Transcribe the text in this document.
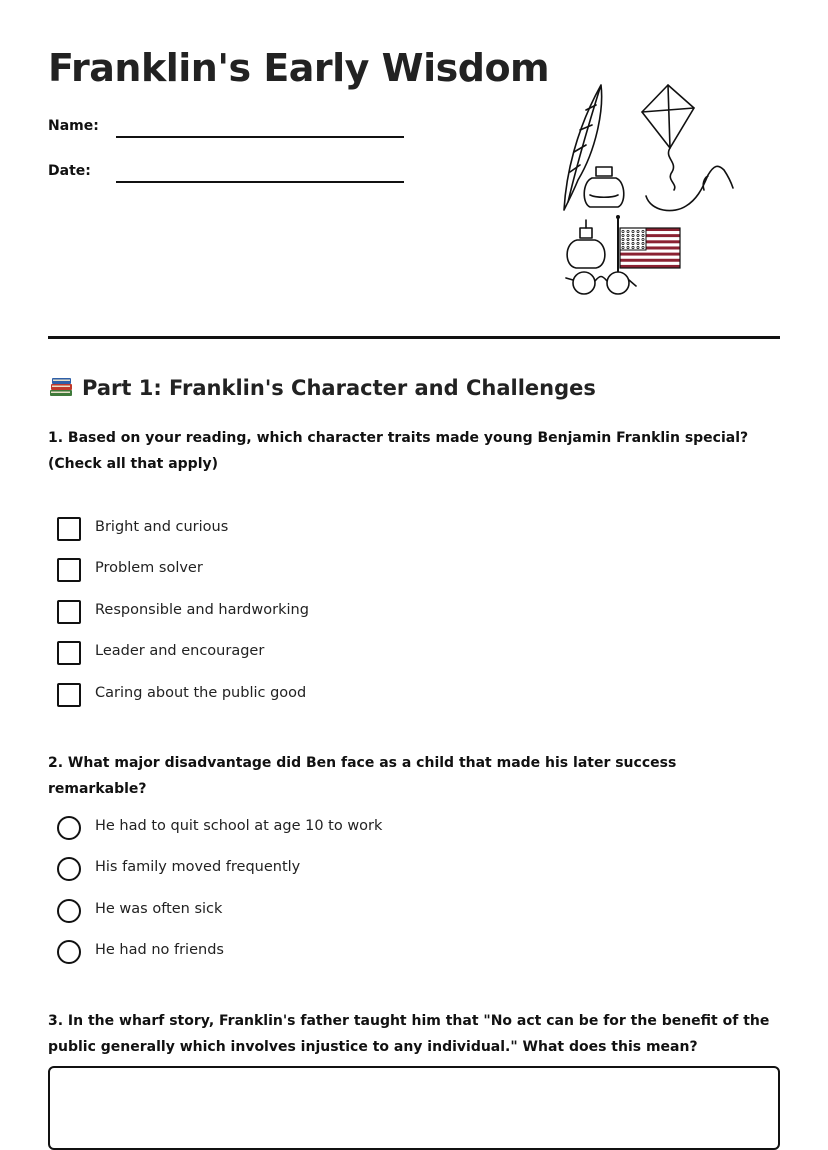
Franklin's Early Wisdom
Name:
Date:
Part 1: Franklin's Character and Challenges

1. Based on your reading, which character traits made young Benjamin Franklin special? (Check all that apply)

Bright and curious
Problem solver
Responsible and hardworking
Leader and encourager
Caring about the public good

2. What major disadvantage did Ben face as a child that made his later success remarkable?

He had to quit school at age 10 to work
His family moved frequently
He was often sick
He had no friends

3. In the wharf story, Franklin's father taught him that "No act can be for the benefit of the public generally which involves injustice to any individual." What does this mean?
